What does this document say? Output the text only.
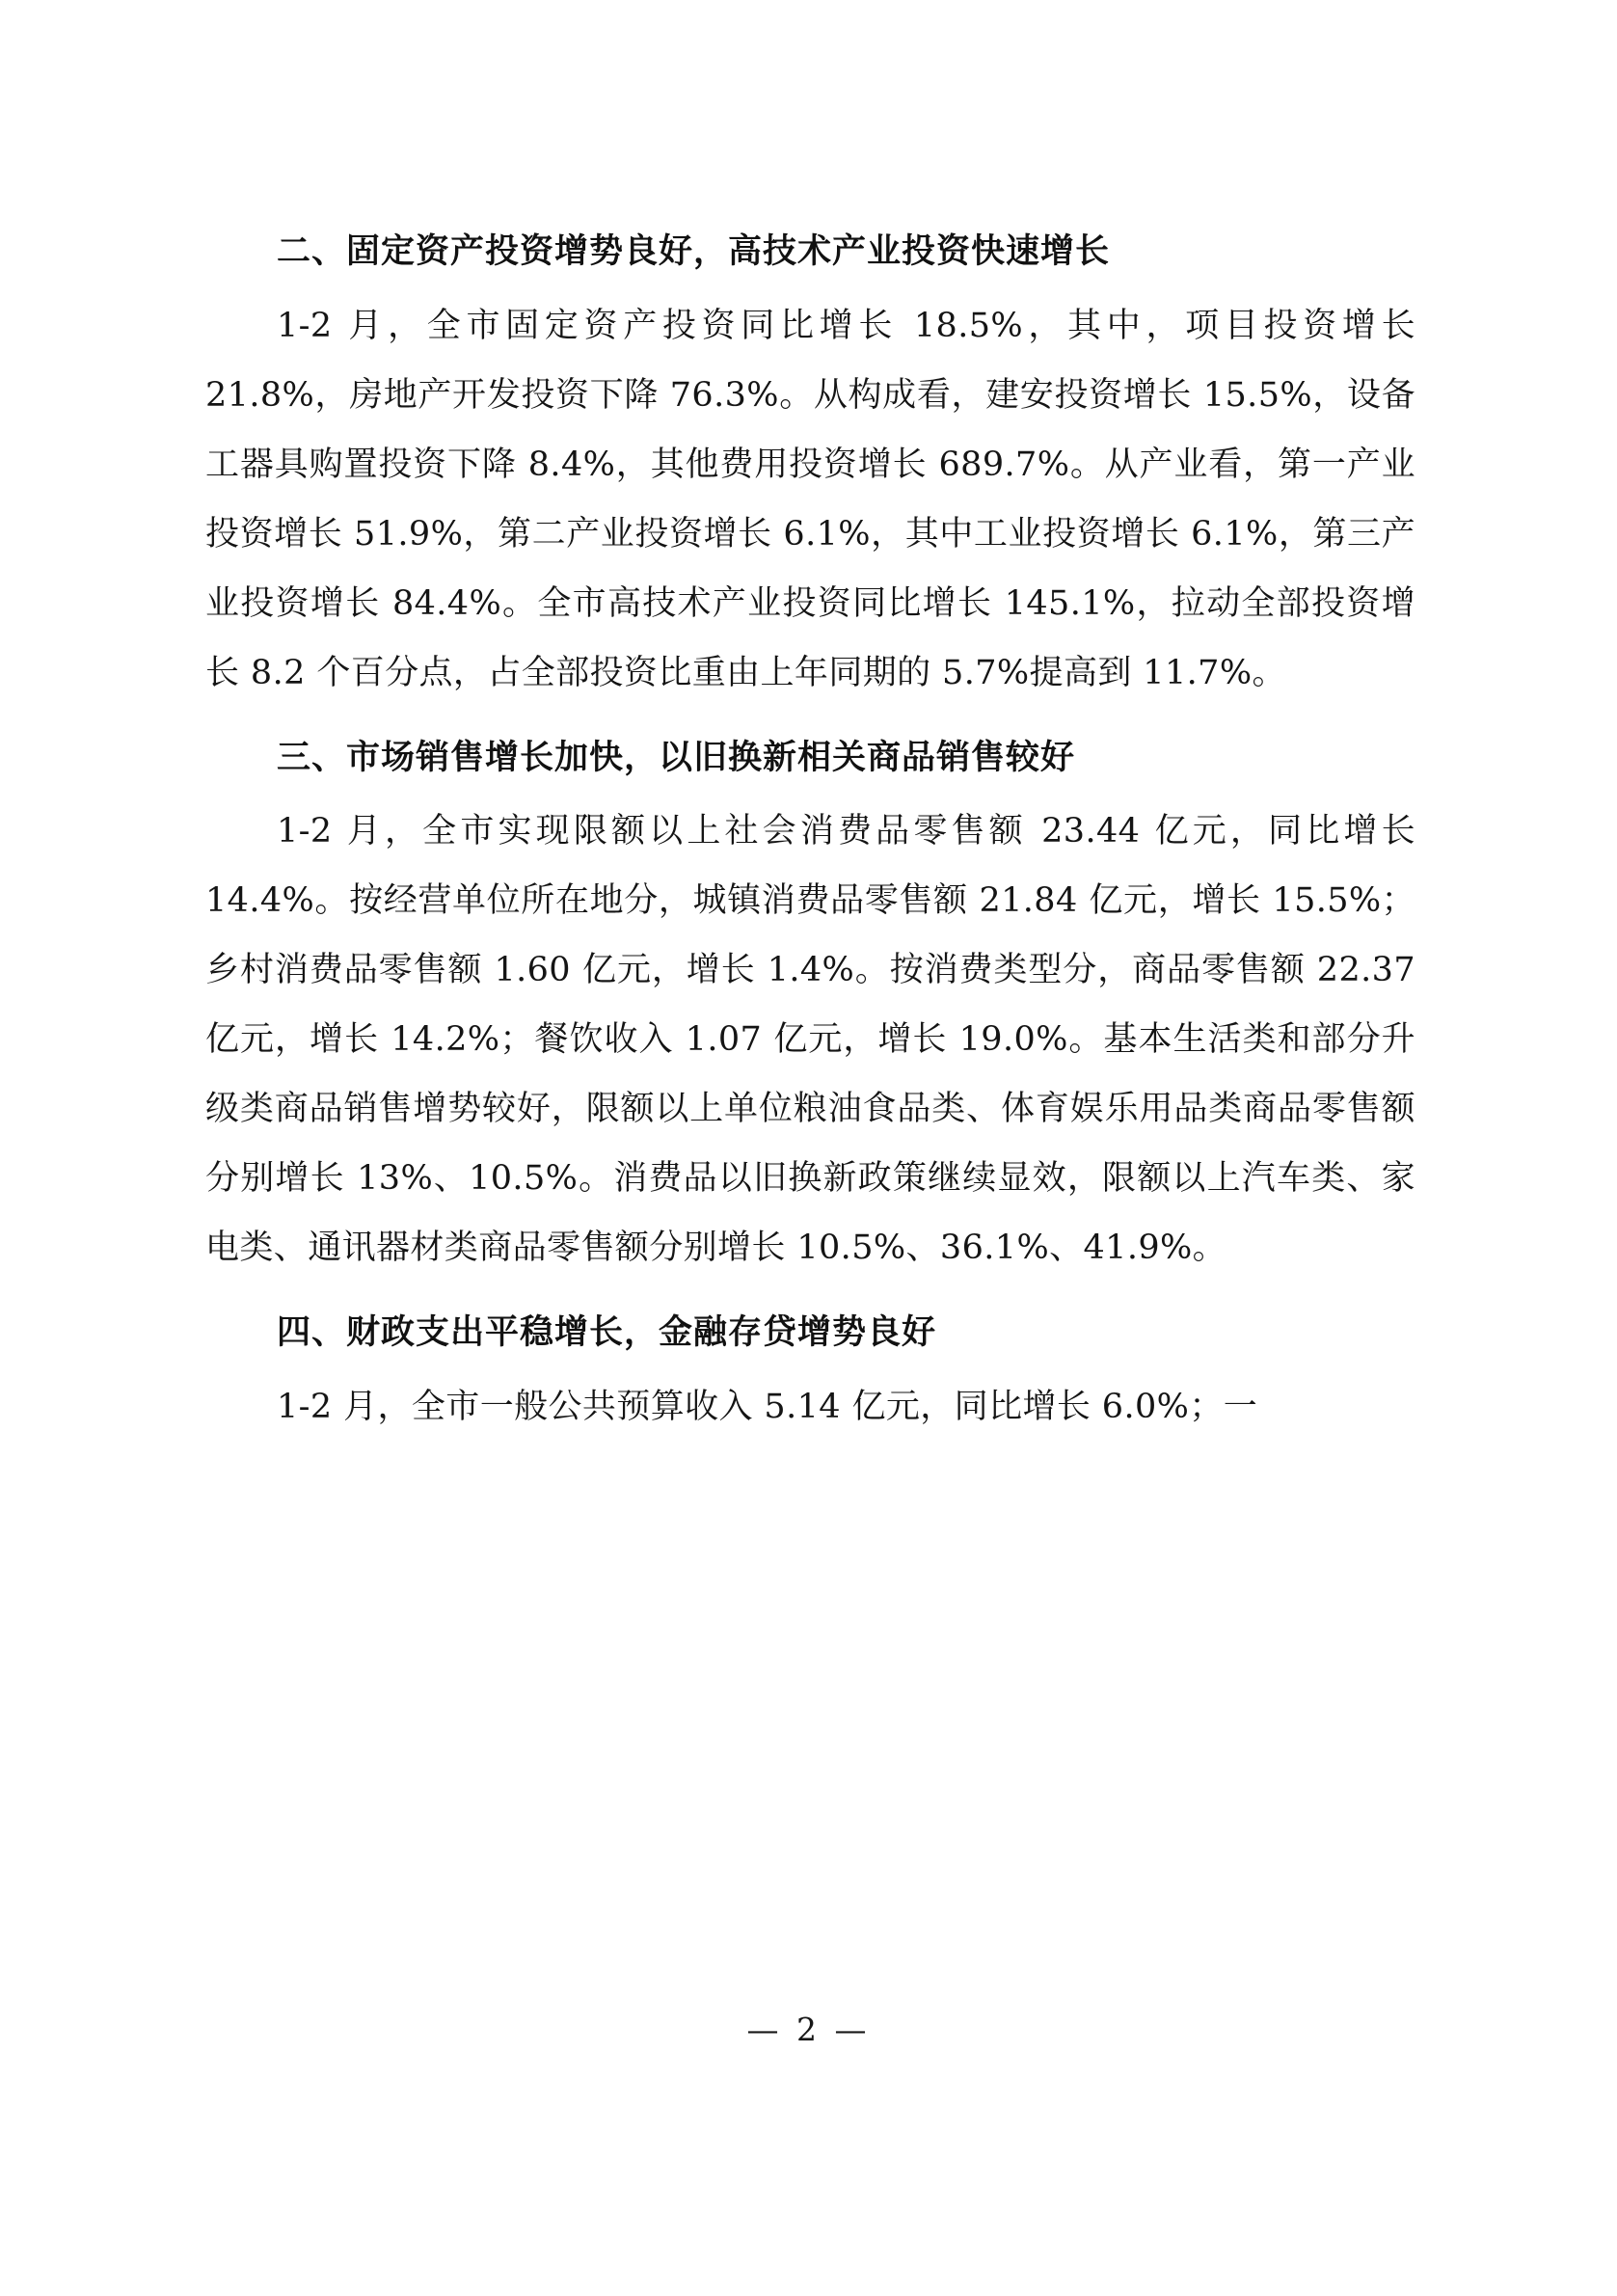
二、固定资产投资增势良好，高技术产业投资快速增长

1-2 月，全市固定资产投资同比增长 18.5%，其中，项目投资增长 21.8%，房地产开发投资下降 76.3%。从构成看，建安投资增长 15.5%，设备工器具购置投资下降 8.4%，其他费用投资增长 689.7%。从产业看，第一产业投资增长 51.9%，第二产业投资增长 6.1%，其中工业投资增长 6.1%，第三产业投资增长 84.4%。全市高技术产业投资同比增长 145.1%，拉动全部投资增长 8.2 个百分点，占全部投资比重由上年同期的 5.7%提高到 11.7%。

三、市场销售增长加快，以旧换新相关商品销售较好

1-2 月，全市实现限额以上社会消费品零售额 23.44 亿元，同比增长 14.4%。按经营单位所在地分，城镇消费品零售额 21.84 亿元，增长 15.5%；乡村消费品零售额 1.60 亿元，增长 1.4%。按消费类型分，商品零售额 22.37 亿元，增长 14.2%；餐饮收入 1.07 亿元，增长 19.0%。基本生活类和部分升级类商品销售增势较好，限额以上单位粮油食品类、体育娱乐用品类商品零售额分别增长 13%、10.5%。消费品以旧换新政策继续显效，限额以上汽车类、家电类、通讯器材类商品零售额分别增长 10.5%、36.1%、41.9%。

四、财政支出平稳增长，金融存贷增势良好

1-2 月，全市一般公共预算收入 5.14 亿元，同比增长 6.0%；一

— 2 —
